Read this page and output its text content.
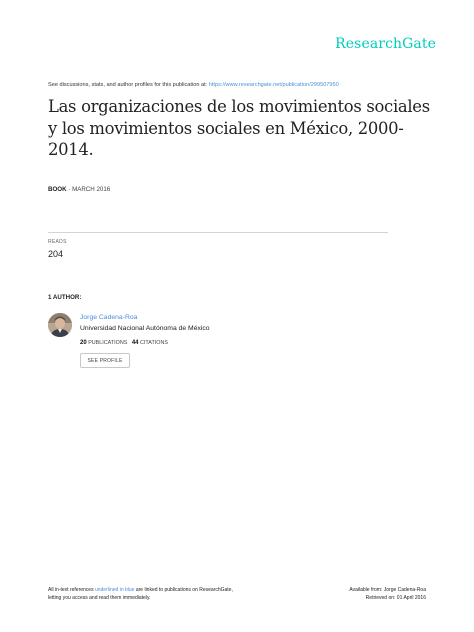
ResearchGate
See discussions, stats, and author profiles for this publication at: https://www.researchgate.net/publication/299507950
Las organizaciones de los movimientos sociales y los movimientos sociales en México, 2000-2014.
BOOK · MARCH 2016
READS
204
1 AUTHOR:
Jorge Cadena-Roa
Universidad Nacional Autónoma de México
20 PUBLICATIONS 44 CITATIONS
SEE PROFILE
All in-text references underlined in blue are linked to publications on ResearchGate,
letting you access and read them immediately.
Available from: Jorge Cadena-Roa
Retrieved on: 01 April 2016
